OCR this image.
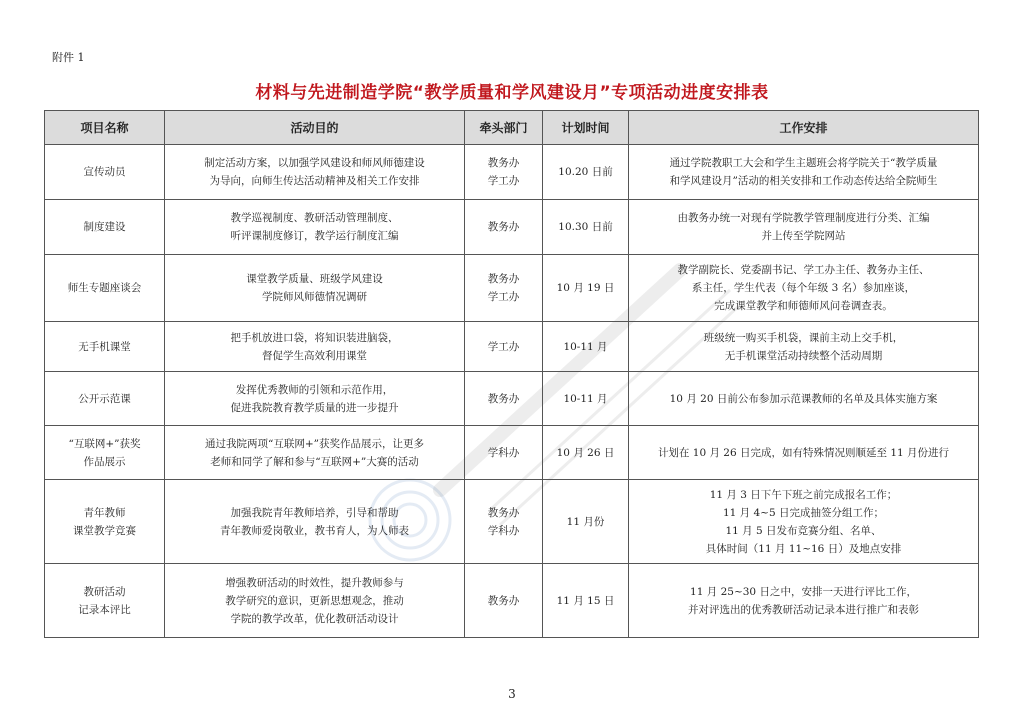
附件 1
材料与先进制造学院“教学质量和学风建设月”专项活动进度安排表
项目名称	活动目的	牵头部门	计划时间	工作安排

宣传动员	制定活动方案，以加强学风建设和师风师德建设
为导向，向师生传达活动精神及相关工作安排	教务办
学工办	10.20 日前	通过学院教职工大会和学生主题班会将学院关于“教学质量
和学风建设月”活动的相关安排和工作动态传达给全院师生

制度建设	教学巡视制度、教研活动管理制度、
听评课制度修订，教学运行制度汇编	教务办	10.30 日前	由教务办统一对现有学院教学管理制度进行分类、汇编
并上传至学院网站

师生专题座谈会	课堂教学质量、班级学风建设
学院师风师德情况调研	教务办
学工办	10 月 19 日	教学副院长、党委副书记、学工办主任、教务办主任、
系主任，学生代表（每个年级 3 名）参加座谈，
完成课堂教学和师德师风问卷调查表。

无手机课堂	把手机放进口袋，将知识装进脑袋，
督促学生高效利用课堂	学工办	10-11 月	班级统一购买手机袋，课前主动上交手机，
无手机课堂活动持续整个活动周期

公开示范课	发挥优秀教师的引领和示范作用，
促进我院教育教学质量的进一步提升	教务办	10-11 月	10 月 20 日前公布参加示范课教师的名单及具体实施方案

“互联网+”获奖
作品展示	通过我院两项“互联网+”获奖作品展示，让更多
老师和同学了解和参与“互联网+”大赛的活动	学科办	10 月 26 日	计划在 10 月 26 日完成，如有特殊情况则顺延至 11 月份进行

青年教师
课堂教学竞赛	加强我院青年教师培养，引导和帮助
青年教师爱岗敬业，教书育人，为人师表	教务办
学科办	11 月份	11 月 3 日下午下班之前完成报名工作；
11 月 4~5 日完成抽签分组工作；
11 月 5 日发布竞赛分组、名单、
具体时间（11 月 11~16 日）及地点安排

教研活动
记录本评比	增强教研活动的时效性，提升教师参与
教学研究的意识，更新思想观念，推动
学院的教学改革，优化教研活动设计	教务办	11 月 15 日	11 月 25~30 日之中，安排一天进行评比工作，
并对评选出的优秀教研活动记录本进行推广和表彰
3
